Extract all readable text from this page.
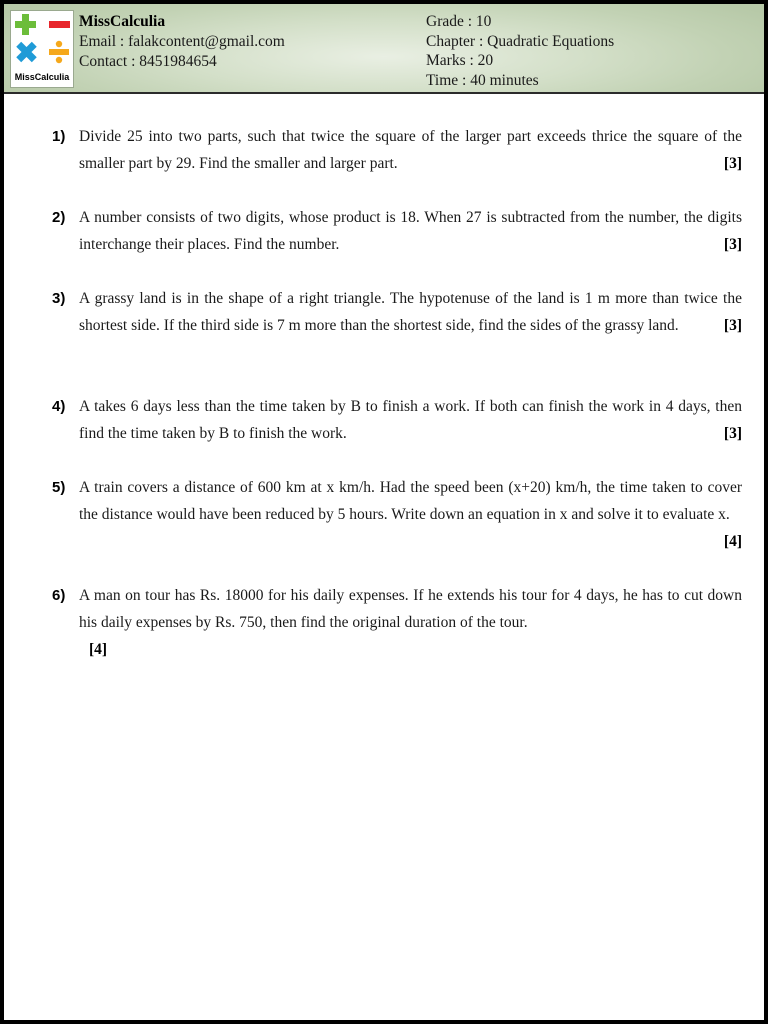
MissCalculia
MissCalculia
Email : falakcontent@gmail.com
Contact : 8451984654
Grade : 10
Chapter : Quadratic Equations
Marks : 20
Time : 40 minutes
1) Divide 25 into two parts, such that twice the square of the larger part exceeds thrice the square of the smaller part by 29. Find the smaller and larger part.	[3]
2) A number consists of two digits, whose product is 18. When 27 is subtracted from the number, the digits interchange their places. Find the number.	[3]
3) A grassy land is in the shape of a right triangle. The hypotenuse of the land is 1 m more than twice the shortest side. If the third side is 7 m more than the shortest side, find the sides of the grassy land.	[3]
4) A takes 6 days less than the time taken by B to finish a work. If both can finish the work in 4 days, then find the time taken by B to finish the work.	[3]
5) A train covers a distance of 600 km at x km/h. Had the speed been (x+20) km/h, the time taken to cover the distance would have been reduced by 5 hours. Write down an equation in x and solve it to evaluate x.
[4]
6) A man on tour has Rs. 18000 for his daily expenses. If he extends his tour for 4 days, he has to cut down his daily expenses by Rs. 750, then find the original duration of the tour.
[4]
